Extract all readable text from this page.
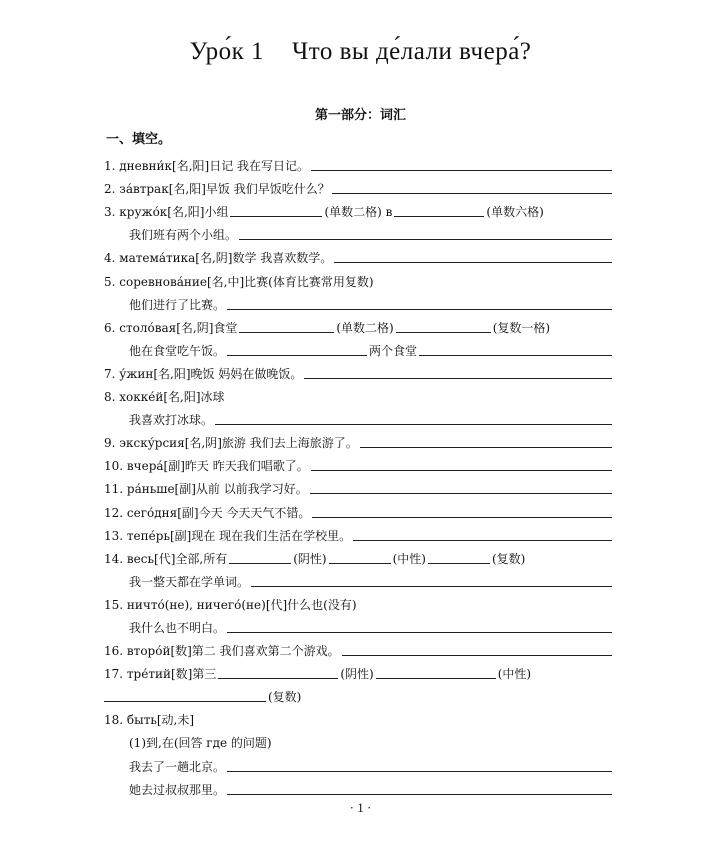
Уро́к 1 Что вы де́лали вчера́?
第一部分：词汇
一、填空。
1.
дневни́к[名,阳]日记 我在写日记。
2.
за́втрак[名,阳]早饭 我们早饭吃什么？
3.
кружо́к[名,阳]小组	(单数二格) в	(单数六格)
我们班有两个小组。
4.
матема́тика[名,阴]数学 我喜欢数学。
5.
соревнова́ние[名,中]比赛(体育比赛常用复数)
他们进行了比赛。
6.
столо́вая[名,阴]食堂	(单数二格)	(复数一格)
他在食堂吃午饭。	两个食堂
7.
у́жин[名,阳]晚饭 妈妈在做晚饭。
8.
хокке́й[名,阳]冰球
我喜欢打冰球。
9.
экску́рсия[名,阴]旅游 我们去上海旅游了。
10.
вчера́[副]昨天 昨天我们唱歌了。
11.
ра́ньше[副]从前 以前我学习好。
12.
сего́дня[副]今天 今天天气不错。
13.
тепе́рь[副]现在 现在我们生活在学校里。
14.
весь[代]全部,所有	(阴性)	(中性)	(复数)
我一整天都在学单词。
15.
ничто́(не), ничего́(не)[代]什么也(没有)
我什么也不明白。
16.
второ́й[数]第二 我们喜欢第二个游戏。
17.
тре́тий[数]第三	(阴性)	(中性)
(复数)
18.
быть[动,未]
(1)到,在(回答 где 的问题)
我去了一趟北京。
她去过叔叔那里。
· 1 ·
